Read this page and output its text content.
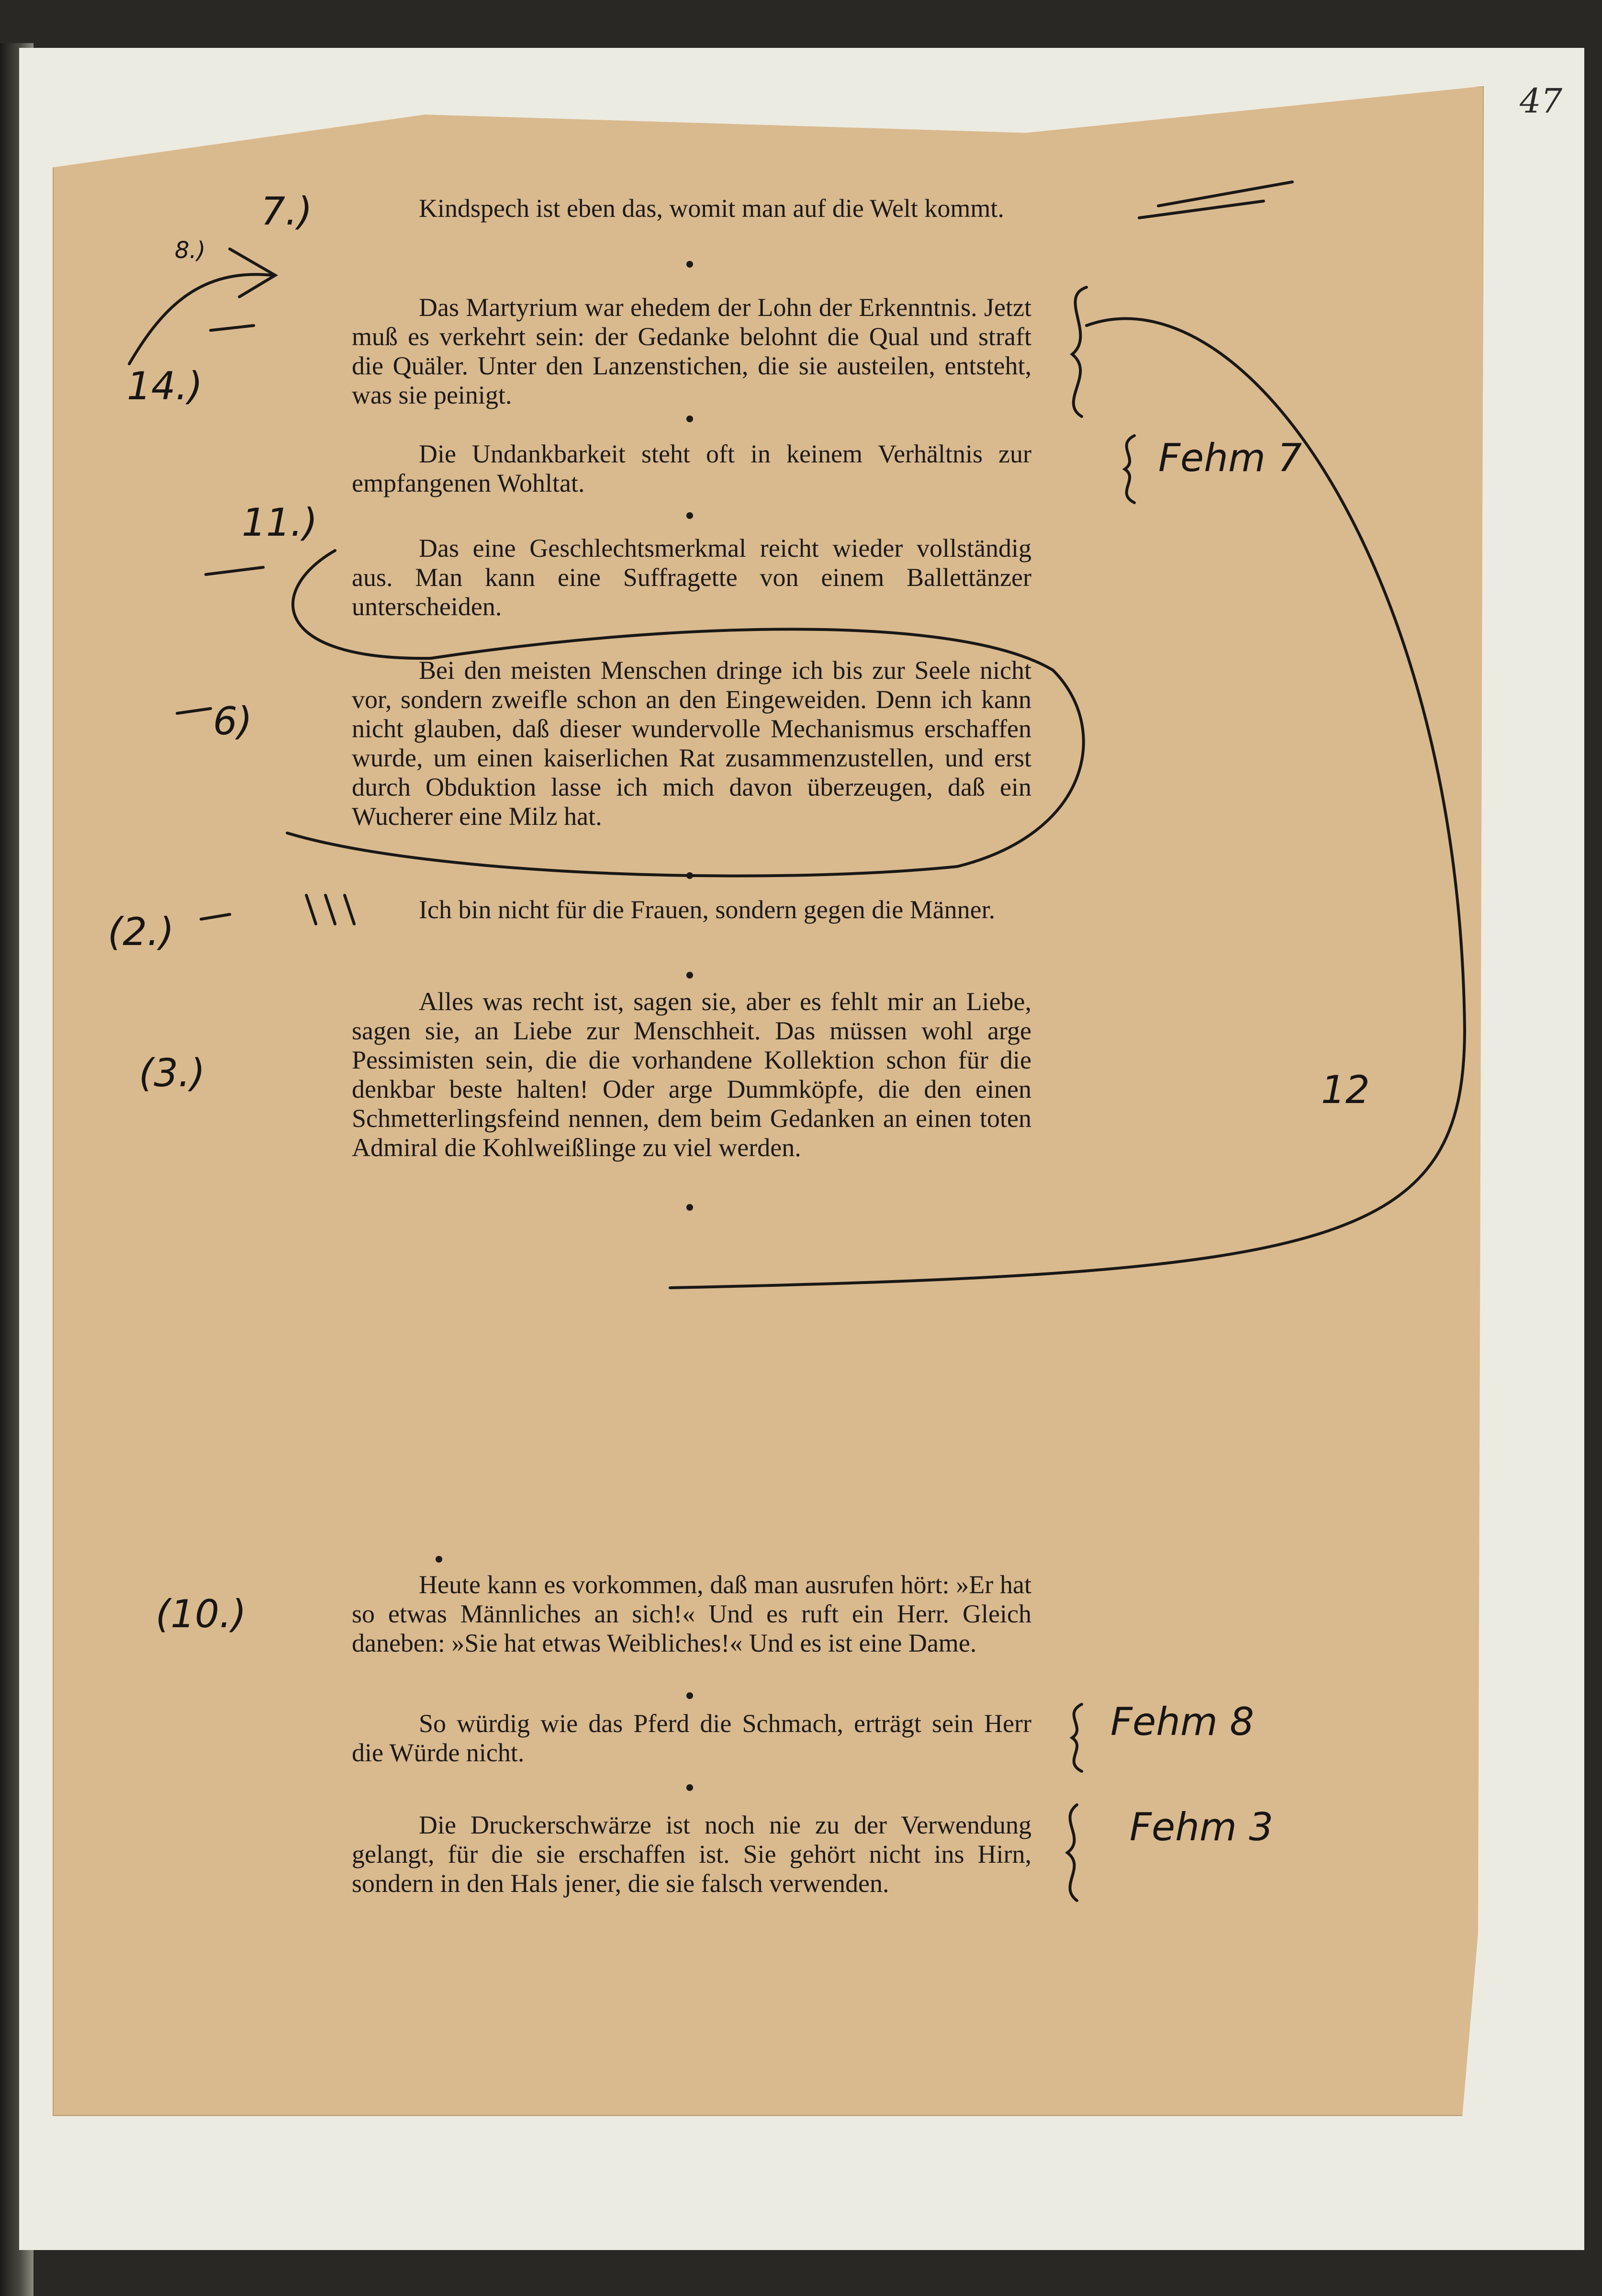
47

Kindspech ist eben das, womit man auf die Welt kommt.

Das Martyrium war ehedem der Lohn der Erkenntnis. Jetzt muß es verkehrt sein: der Gedanke belohnt die Qual und straft die Quäler. Unter den Lanzenstichen, die sie austeilen, entsteht, was sie peinigt.

Die Undankbarkeit steht oft in keinem Verhältnis zur empfangenen Wohltat.

Das eine Geschlechtsmerkmal reicht wieder vollständig aus. Man kann eine Suffragette von einem Ballettänzer unterscheiden.

Bei den meisten Menschen dringe ich bis zur Seele nicht vor, sondern zweifle schon an den Eingeweiden. Denn ich kann nicht glauben, daß dieser wundervolle Mechanismus erschaffen wurde, um einen kaiserlichen Rat zusammenzustellen, und erst durch Obduktion lasse ich mich davon überzeugen, daß ein Wucherer eine Milz hat.

Ich bin nicht für die Frauen, sondern gegen die Männer.

Alles was recht ist, sagen sie, aber es fehlt mir an Liebe, sagen sie, an Liebe zur Menschheit. Das müssen wohl arge Pessimisten sein, die die vorhandene Kollektion schon für die denkbar beste halten! Oder arge Dummköpfe, die den einen Schmetterlingsfeind nennen, dem beim Gedanken an einen toten Admiral die Kohlweißlinge zu viel werden.

Heute kann es vorkommen, daß man ausrufen hört: »Er hat so etwas Männliches an sich!« Und es ruft ein Herr. Gleich daneben: »Sie hat etwas Weibliches!« Und es ist eine Dame.

So würdig wie das Pferd die Schmach, erträgt sein Herr die Würde nicht.

Die Druckerschwärze ist noch nie zu der Verwendung gelangt, für die sie erschaffen ist. Sie gehört nicht ins Hirn, sondern in den Hals jener, die sie falsch verwenden.

7.)
8.)
14.)
11.)
6)
(2.)
(3.)
(10.)
Fehm 7
12
Fehm 8
Fehm 3
